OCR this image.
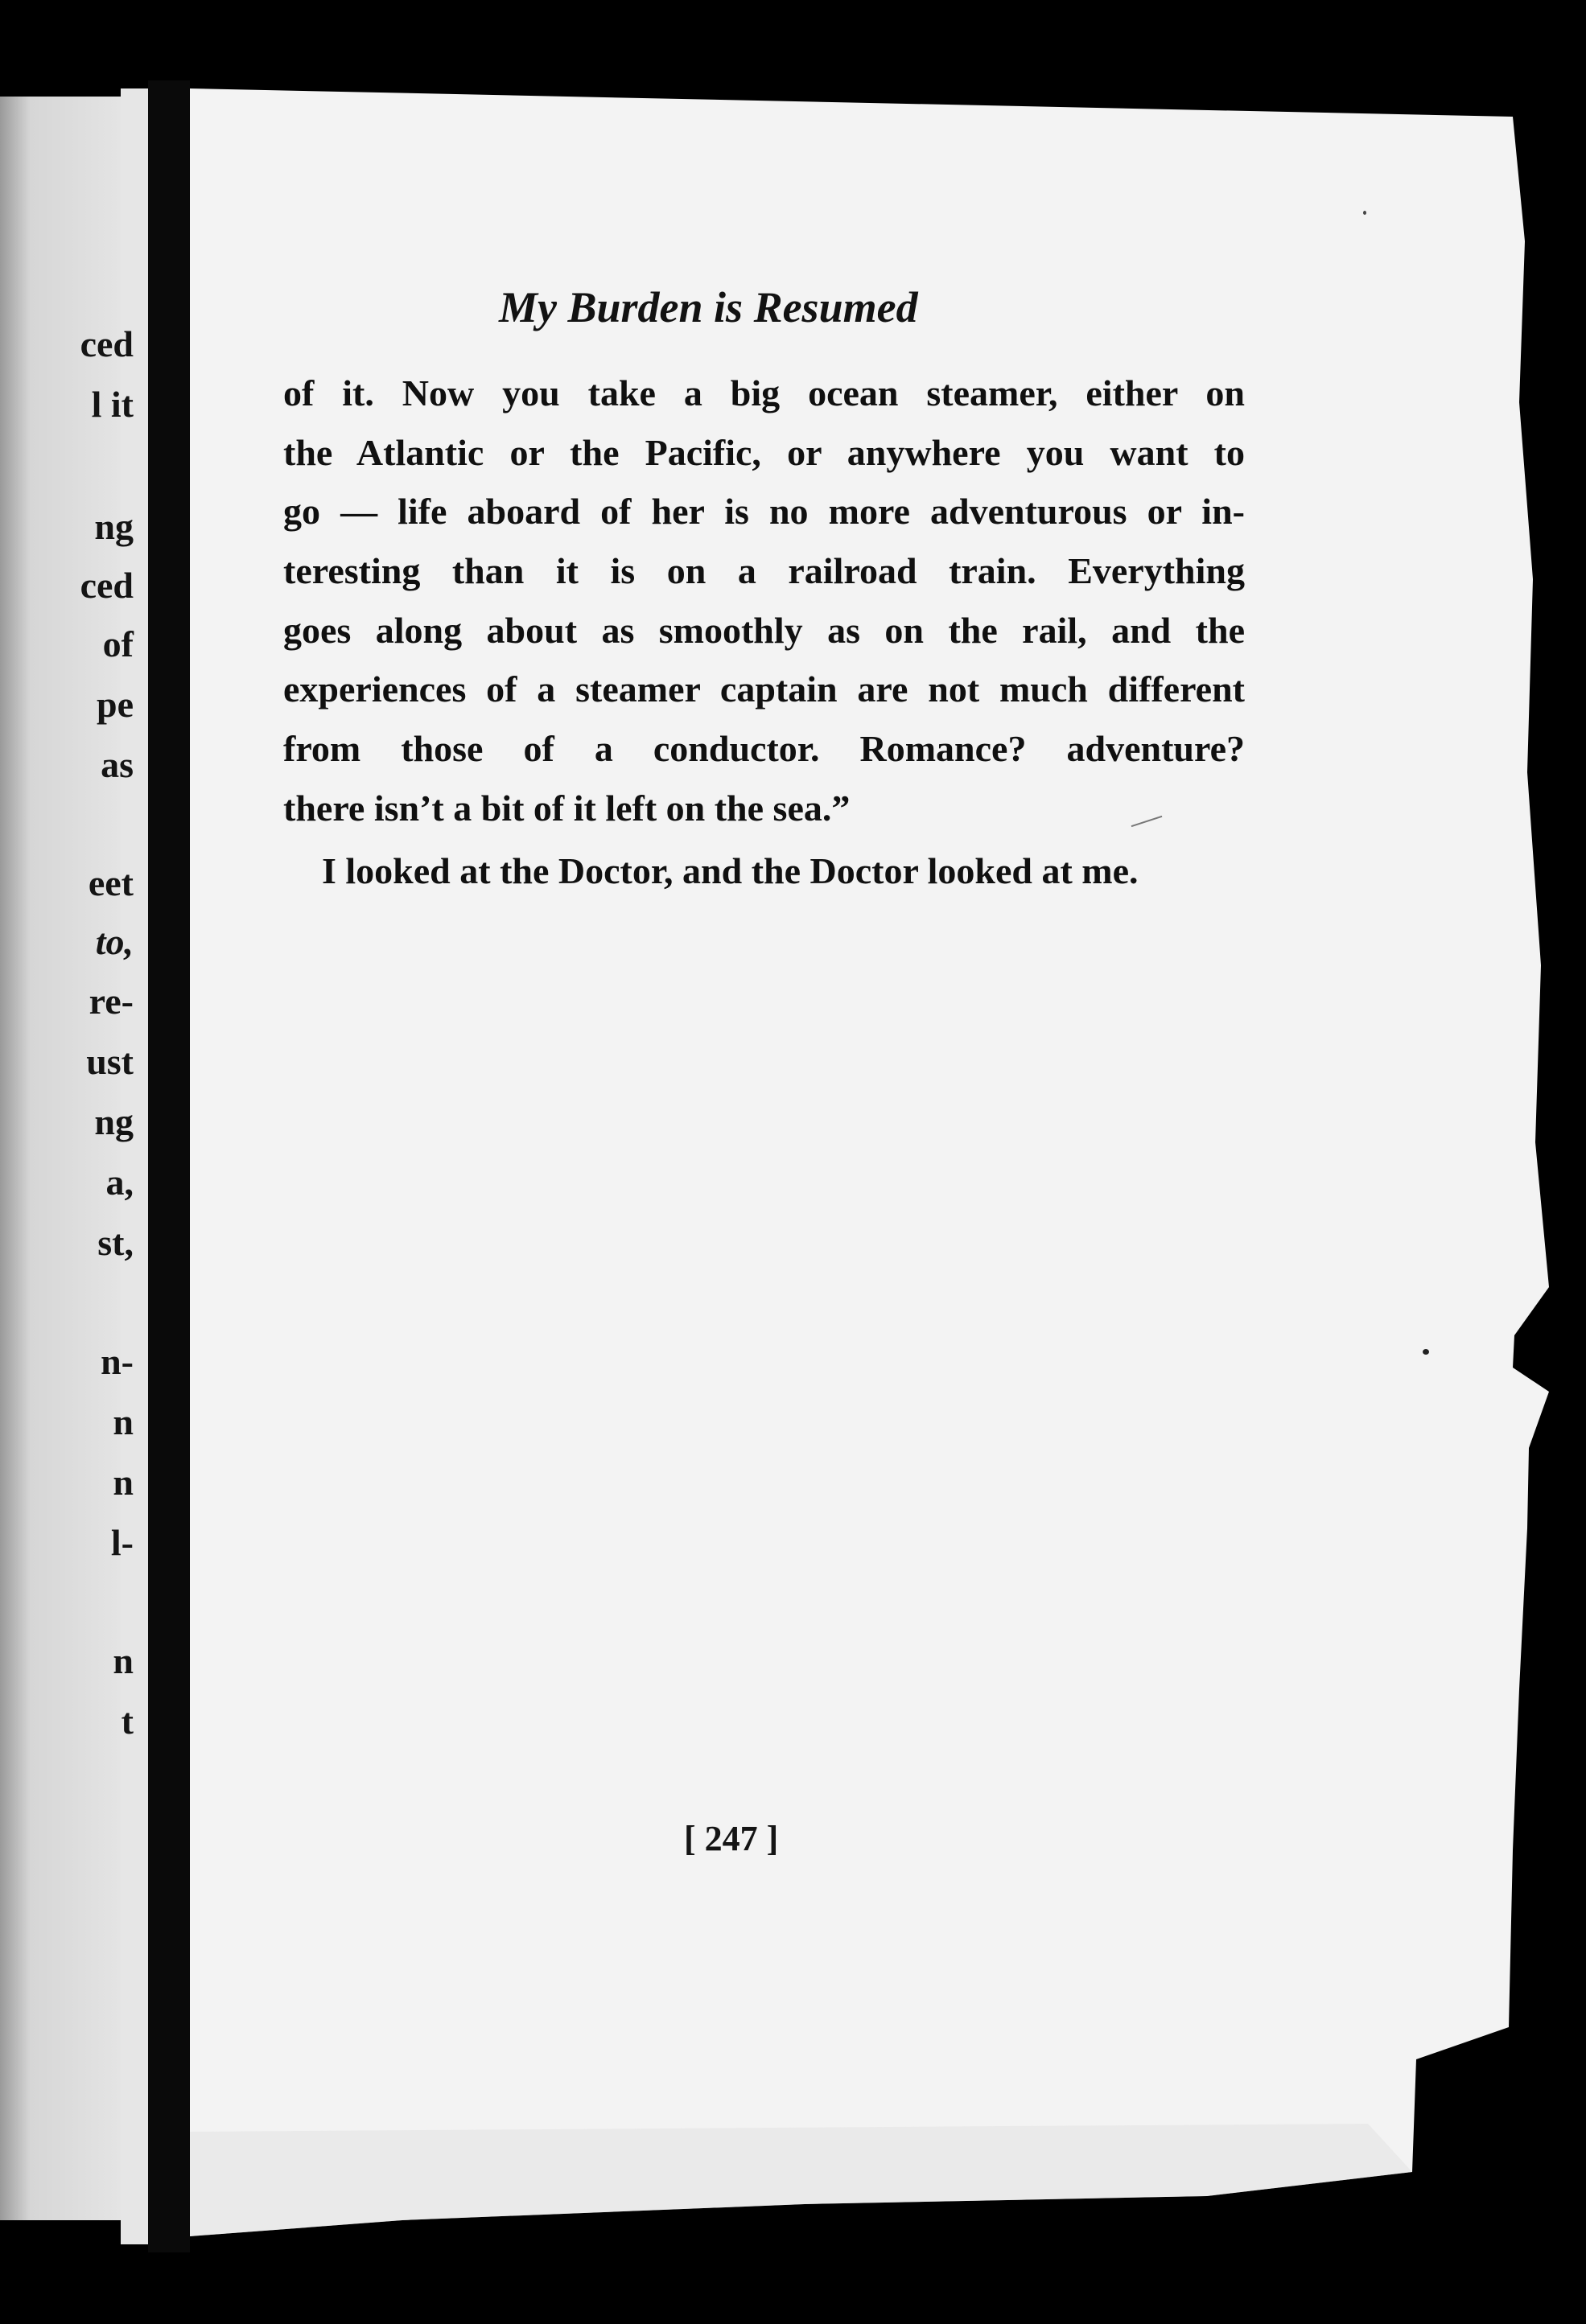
ced

l it

ng

ced

of

pe

as

eet

to,

re-

ust

ng

a,

st,

n-

n

n

l-

n

t

My Burden is Resumed

of it. Now you take a big ocean steamer, either on

the Atlantic or the Pacific, or anywhere you want to

go — life aboard of her is no more adventurous or in-

teresting than it is on a railroad train. Everything

goes along about as smoothly as on the rail, and the

experiences of a steamer captain are not much different

from those of a conductor. Romance? adventure?

there isn’t a bit of it left on the sea.”

I looked at the Doctor, and the Doctor looked at me.

[ 247 ]
